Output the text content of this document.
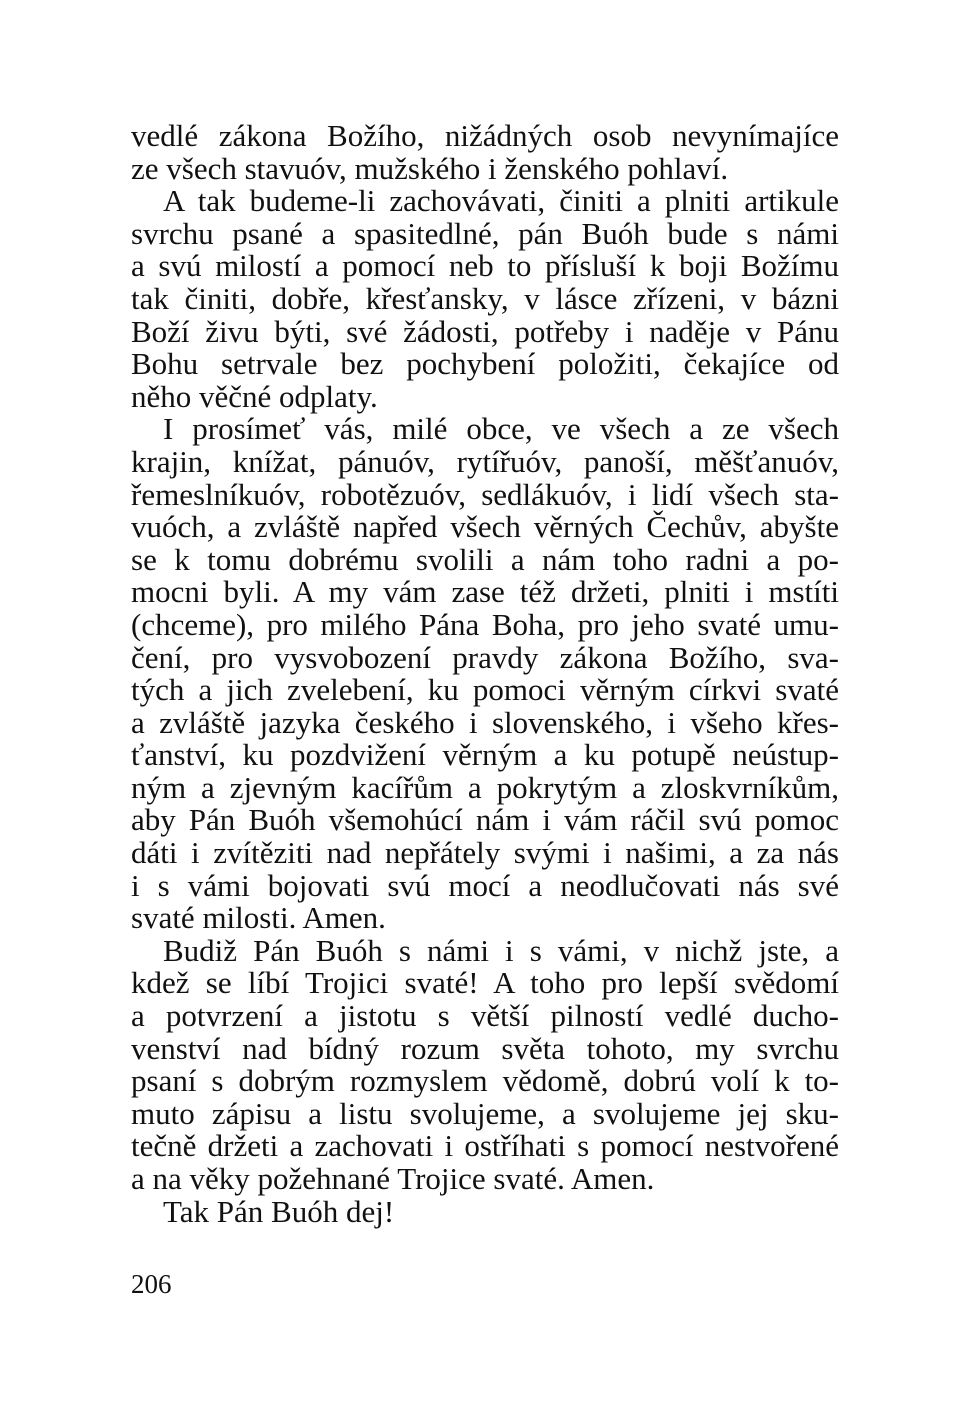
vedlé zákona Božího, nižádných osob nevynímajíce
ze všech stavuóv, mužského i ženského pohlaví.
A tak budeme-li zachovávati, činiti a plniti artikule
svrchu psané a spasitedlné, pán Buóh bude s námi
a svú milostí a pomocí neb to přísluší k boji Božímu
tak činiti, dobře, křesťansky, v lásce zřízeni, v bázni
Boží živu býti, své žádosti, potřeby i naděje v Pánu
Bohu setrvale bez pochybení položiti, čekajíce od
něho věčné odplaty.
I prosímeť vás, milé obce, ve všech a ze všech
krajin, knížat, pánuóv, rytířuóv, panoší, měšťanuóv,
řemeslníkuóv, robotězuóv, sedlákuóv, i lidí všech sta-
vuóch, a zvláště napřed všech věrných Čechův, abyšte
se k tomu dobrému svolili a nám toho radni a po-
mocni byli. A my vám zase též držeti, plniti i mstíti
(chceme), pro milého Pána Boha, pro jeho svaté umu-
čení, pro vysvobození pravdy zákona Božího, sva-
tých a jich zvelebení, ku pomoci věrným církvi svaté
a zvláště jazyka českého i slovenského, i všeho křes-
ťanství, ku pozdvižení věrným a ku potupě neústup-
ným a zjevným kacířům a pokrytým a zloskvrníkům,
aby Pán Buóh všemohúcí nám i vám ráčil svú pomoc
dáti i zvítěziti nad nepřátely svými i našimi, a za nás
i s vámi bojovati svú mocí a neodlučovati nás své
svaté milosti. Amen.
Budiž Pán Buóh s námi i s vámi, v nichž jste, a
kdež se líbí Trojici svaté! A toho pro lepší svědomí
a potvrzení a jistotu s větší pilností vedlé ducho-
venství nad bídný rozum světa tohoto, my svrchu
psaní s dobrým rozmyslem vědomě, dobrú volí k to-
muto zápisu a listu svolujeme, a svolujeme jej sku-
tečně držeti a zachovati i ostříhati s pomocí nestvořené
a na věky požehnané Trojice svaté. Amen.
Tak Pán Buóh dej!
206
